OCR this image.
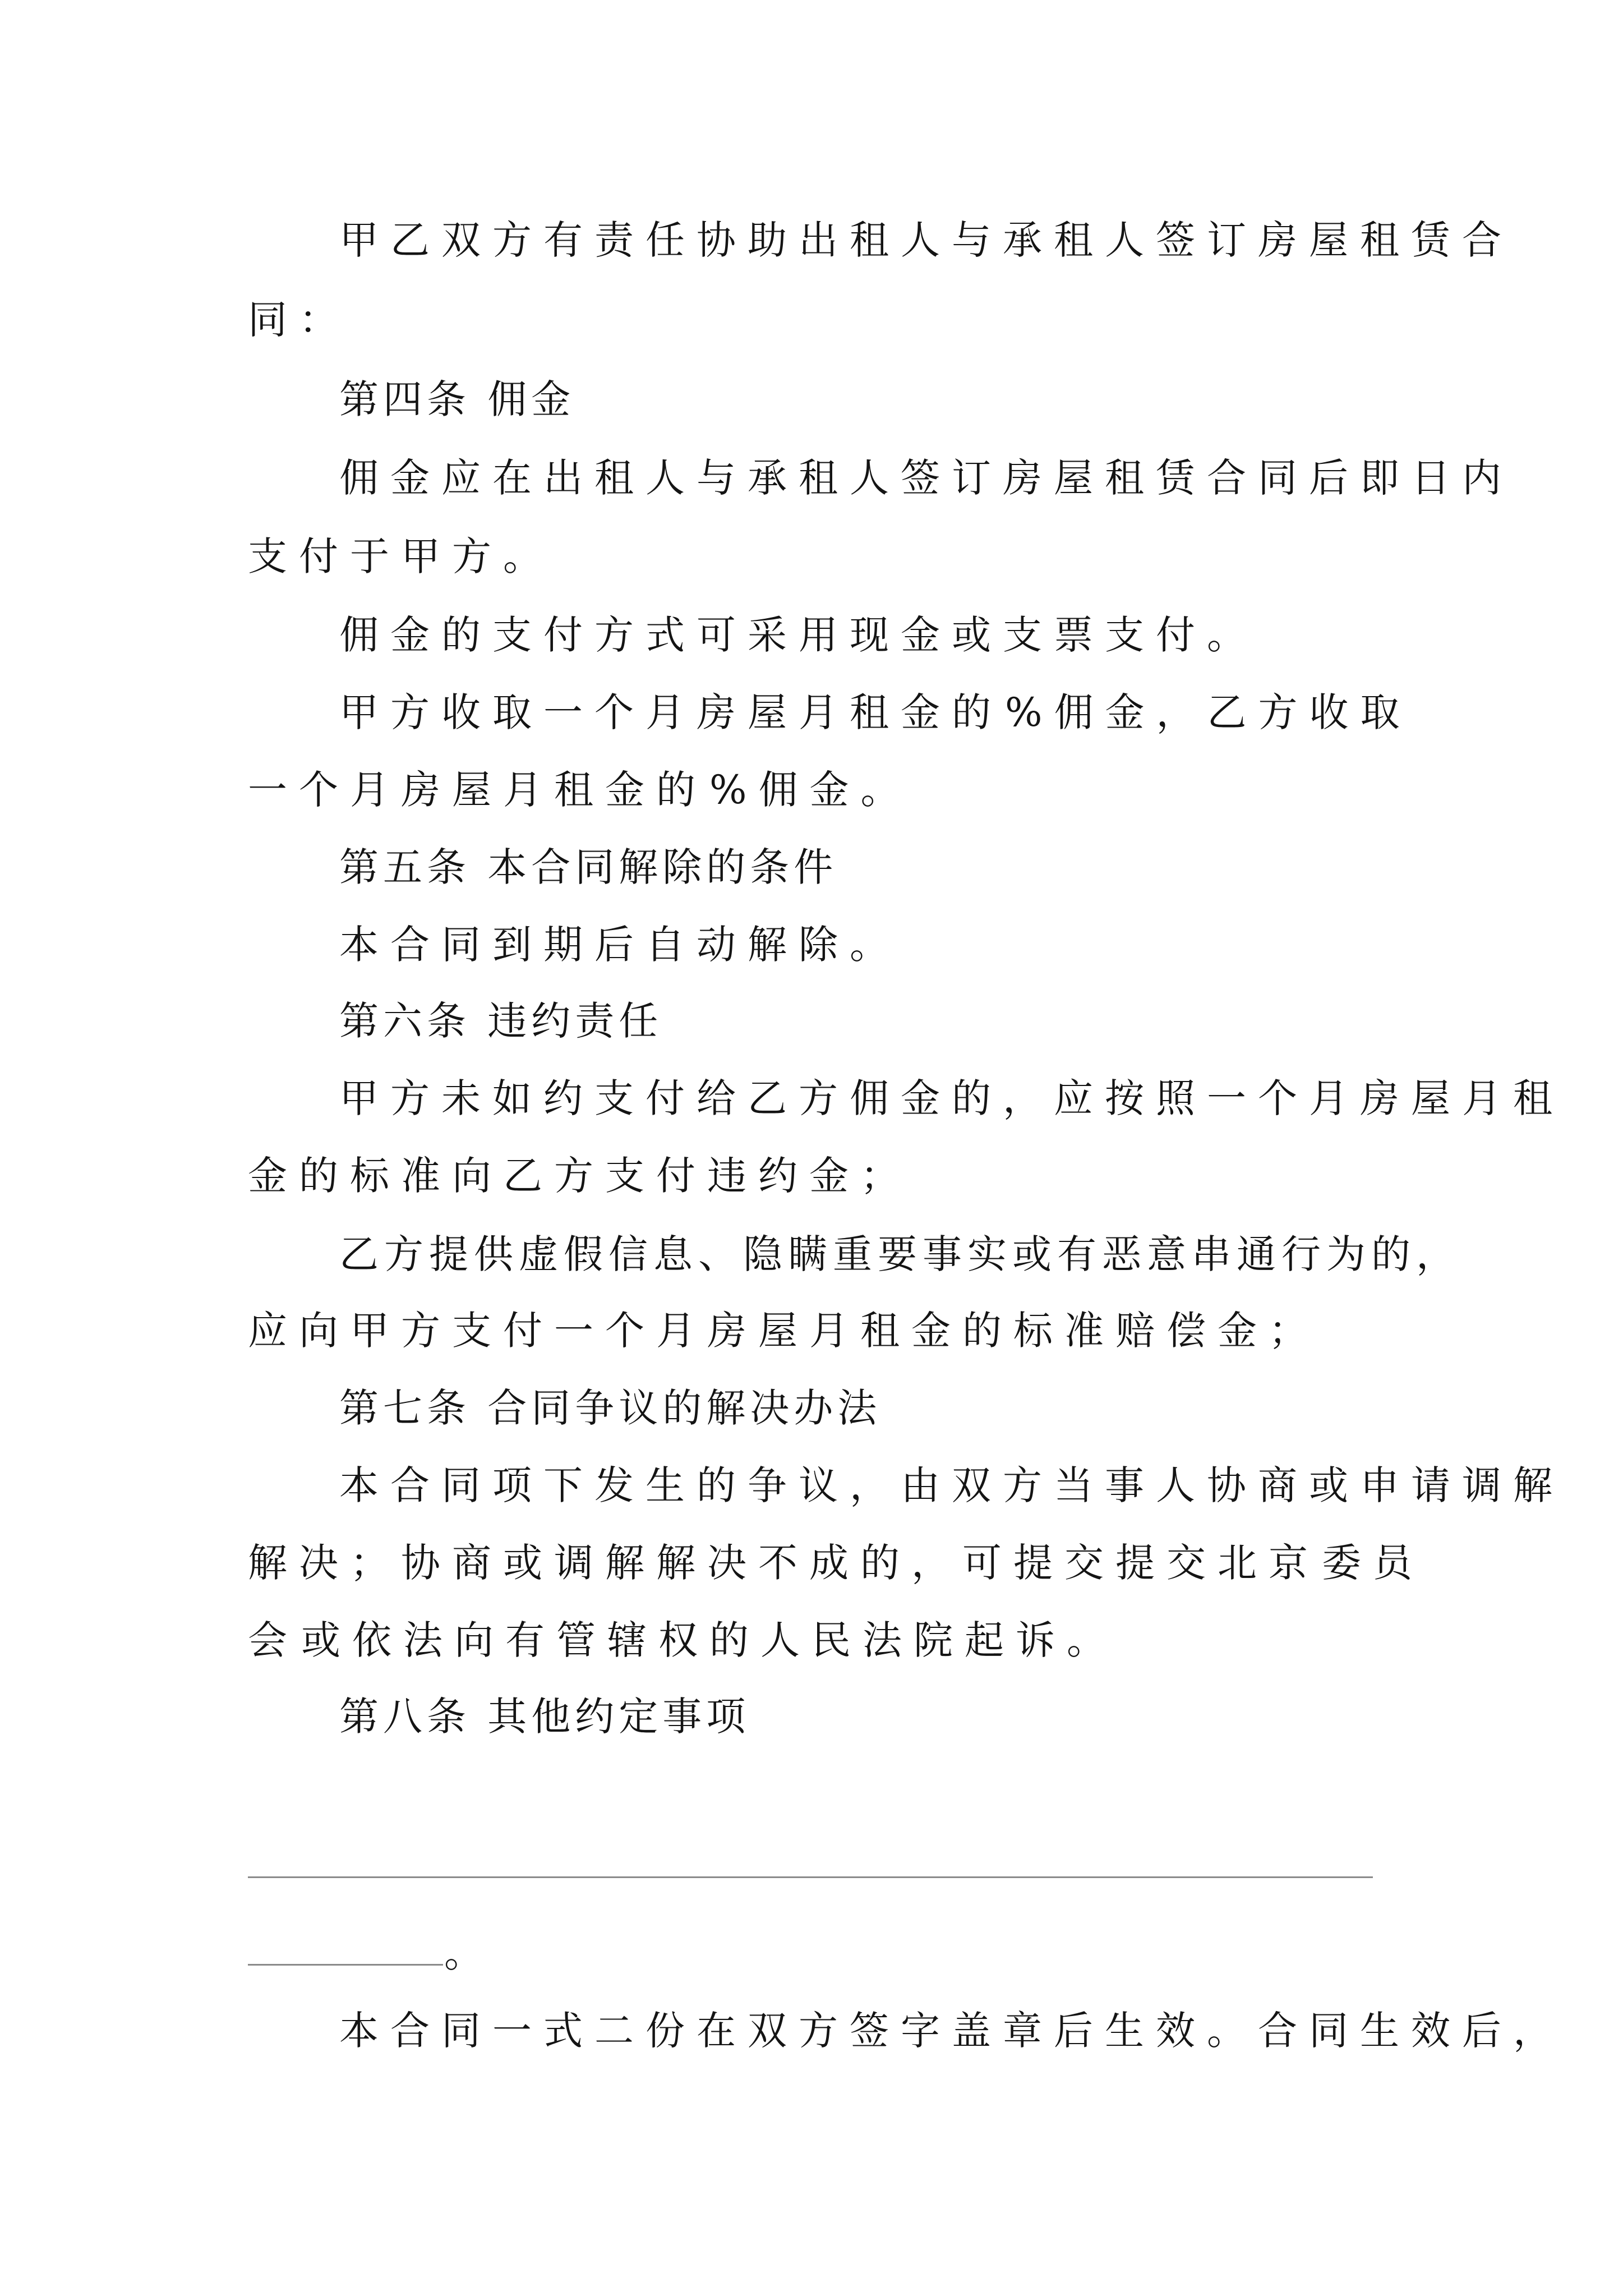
甲乙双方有责任协助出租人与承租人签订房屋租赁合
同：
第四条 佣金
佣金应在出租人与承租人签订房屋租赁合同后即日内
支付于甲方。
佣金的支付方式可采用现金或支票支付。
甲方收取一个月房屋月租金的%佣金，乙方收取
一个月房屋月租金的%佣金。
第五条 本合同解除的条件
本合同到期后自动解除。
第六条 违约责任
甲方未如约支付给乙方佣金的，应按照一个月房屋月租
金的标准向乙方支付违约金；
乙方提供虚假信息、隐瞒重要事实或有恶意串通行为的，
应向甲方支付一个月房屋月租金的标准赔偿金；
第七条 合同争议的解决办法
本合同项下发生的争议，由双方当事人协商或申请调解
解决；协商或调解解决不成的，可提交提交北京委员
会或依法向有管辖权的人民法院起诉。
第八条 其他约定事项
。
本合同一式二份在双方签字盖章后生效。合同生效后，
